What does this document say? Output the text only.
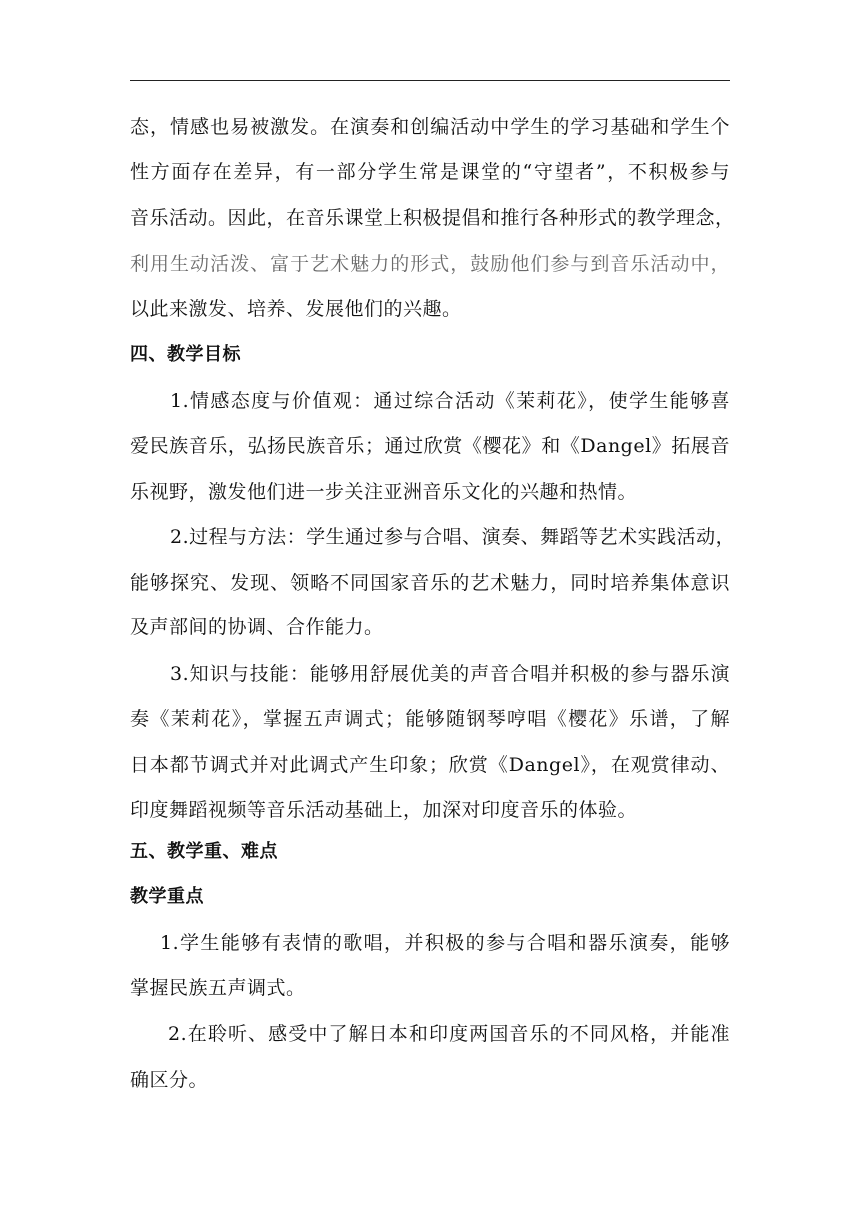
态，情感也易被激发。在演奏和创编活动中学生的学习基础和学生个
性方面存在差异，有一部分学生常是课堂的“守望者”，不积极参与
音乐活动。因此，在音乐课堂上积极提倡和推行各种形式的教学理念，
利用生动活泼、富于艺术魅力的形式，鼓励他们参与到音乐活动中，
以此来激发、培养、发展他们的兴趣。
四、教学目标
1.情感态度与价值观：通过综合活动《茉莉花》，使学生能够喜
爱民族音乐，弘扬民族音乐；通过欣赏《樱花》和《Dangel》拓展音
乐视野，激发他们进一步关注亚洲音乐文化的兴趣和热情。
2.过程与方法：学生通过参与合唱、演奏、舞蹈等艺术实践活动，
能够探究、发现、领略不同国家音乐的艺术魅力，同时培养集体意识
及声部间的协调、合作能力。
3.知识与技能：能够用舒展优美的声音合唱并积极的参与器乐演
奏《茉莉花》，掌握五声调式；能够随钢琴哼唱《樱花》乐谱，了解
日本都节调式并对此调式产生印象；欣赏《Dangel》，在观赏律动、
印度舞蹈视频等音乐活动基础上，加深对印度音乐的体验。
五、教学重、难点
教学重点
1.学生能够有表情的歌唱，并积极的参与合唱和器乐演奏，能够
掌握民族五声调式。
2.在聆听、感受中了解日本和印度两国音乐的不同风格，并能准
确区分。
